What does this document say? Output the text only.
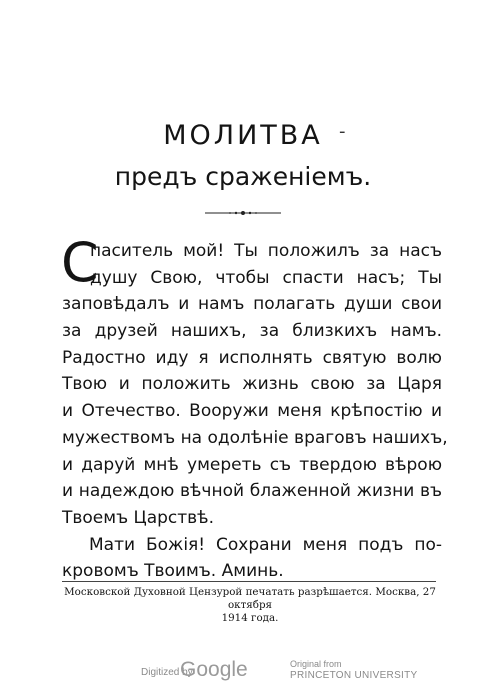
МОЛИТВА -
предъ сраженіемъ.
С
паситель мой! Ты положилъ за насъ
душу Свою, чтобы спасти насъ; Ты
заповѣдалъ и намъ полагать души свои
за друзей нашихъ, за близкихъ намъ.
Радостно иду я исполнять святую волю
Твою и положить жизнь свою за Царя
и Отечество. Вооружи меня крѣпостію и
мужествомъ на одолѣніе враговъ нашихъ,
и даруй мнѣ умереть съ твердою вѣрою
и надеждою вѣчной блаженной жизни въ
Твоемъ Царствѣ.
Мати Божія! Сохрани меня подъ по-
кровомъ Твоимъ. Аминь.
Московской Духовной Цензурой печатать разрѣшается. Москва, 27 октября
1914 года.
Digitized by
Google	Original from
PRINCETON UNIVERSITY
